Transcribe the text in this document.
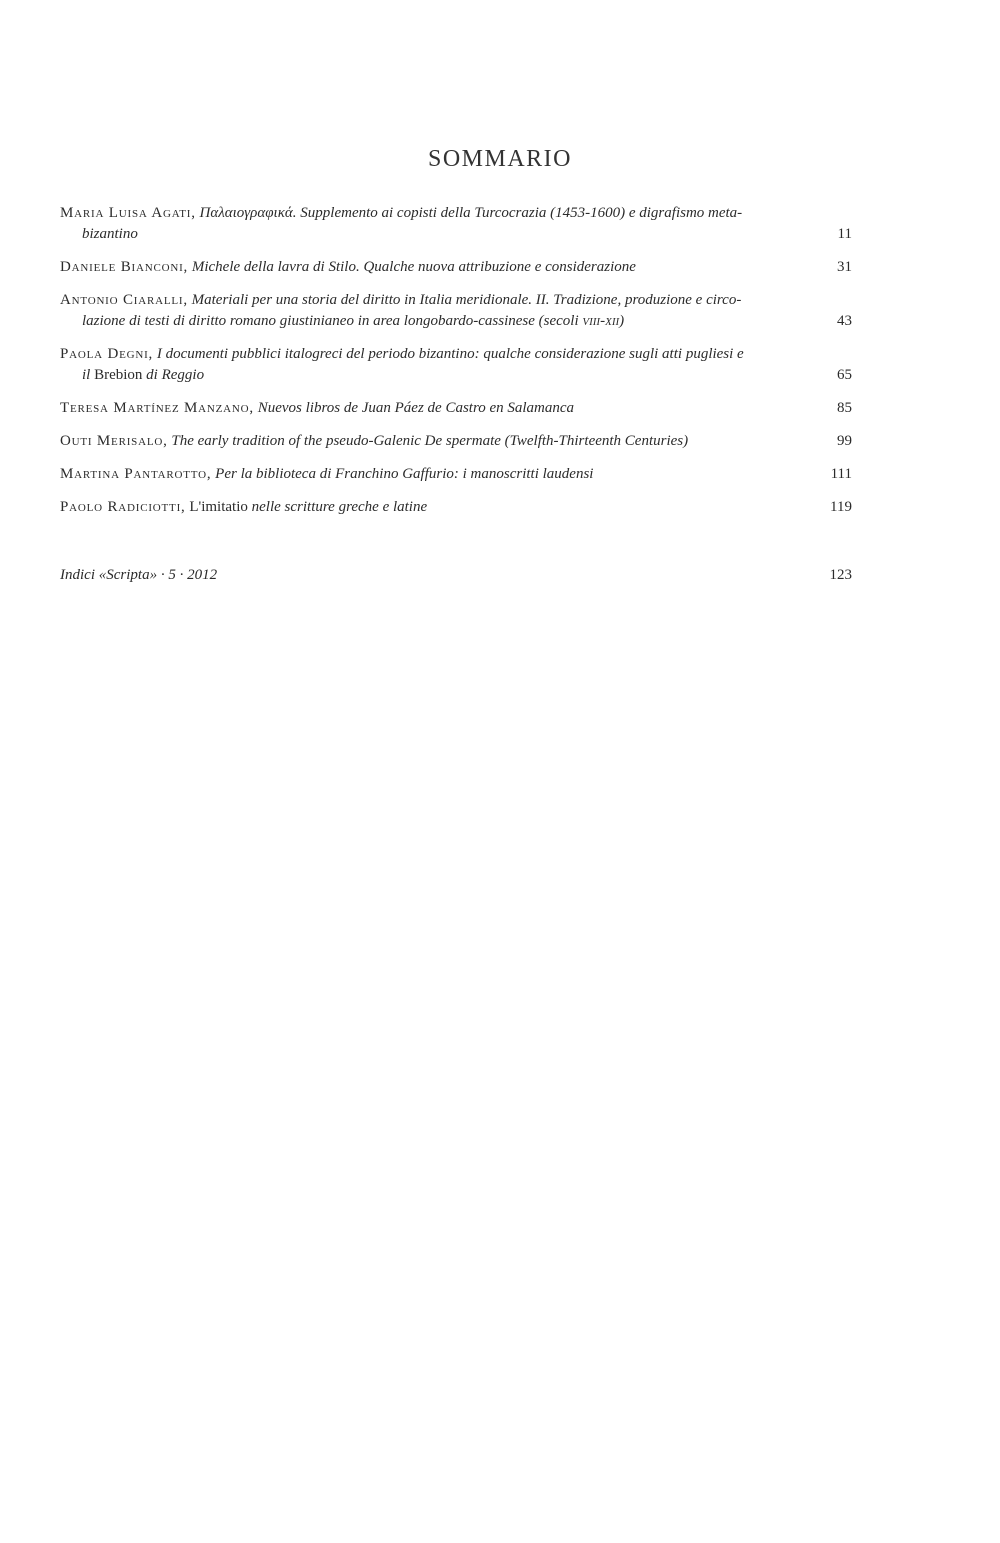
SOMMARIO
Maria Luisa Agati, Παλαιογραφικά. Supplemento ai copisti della Turcocrazia (1453-1600) e digrafismo meta-
bizantino	11
Daniele Bianconi, Michele della lavra di Stilo. Qualche nuova attribuzione e considerazione	31
Antonio Ciaralli, Materiali per una storia del diritto in Italia meridionale. II. Tradizione, produzione e circo-
lazione di testi di diritto romano giustinianeo in area longobardo-cassinese (secoli viii-xii)	43
Paola Degni, I documenti pubblici italogreci del periodo bizantino: qualche considerazione sugli atti pugliesi e
il Brebion di Reggio	65
Teresa Martínez Manzano, Nuevos libros de Juan Páez de Castro en Salamanca	85
Outi Merisalo, The early tradition of the pseudo-Galenic De spermate (Twelfth-Thirteenth Centuries)	99
Martina Pantarotto, Per la biblioteca di Franchino Gaffurio: i manoscritti laudensi	111
Paolo Radiciotti, L'imitatio nelle scritture greche e latine	119
Indici «Scripta» · 5 · 2012	123
